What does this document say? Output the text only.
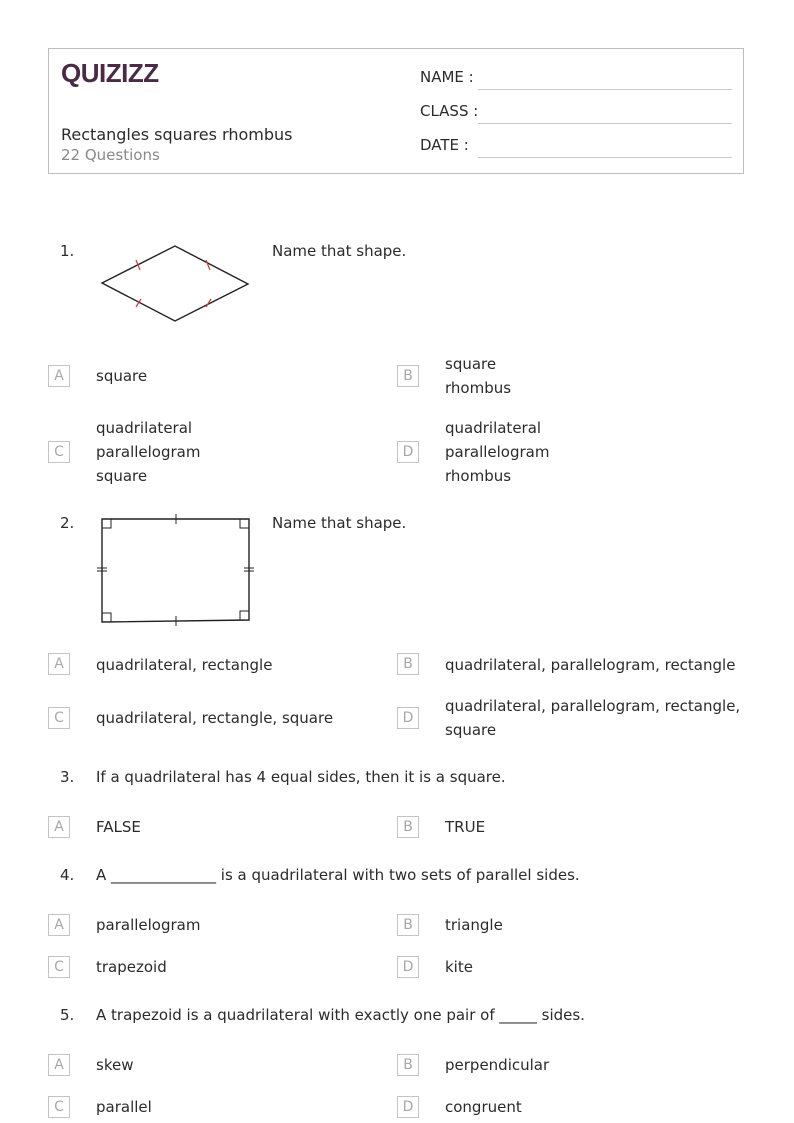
QUIZIZZ
Rectangles squares rhombus
22 Questions
NAME :
CLASS :
DATE :
1.	Name that shape.
A	square	B
square
rhombus
C
quadrilateral
parallelogram
square
D
quadrilateral
parallelogram
rhombus
2.	Name that shape.
A	quadrilateral, rectangle	B	quadrilateral, parallelogram, rectangle
C	quadrilateral, rectangle, square	D
quadrilateral, parallelogram, rectangle,
square
3. If a quadrilateral has 4 equal sides, then it is a square.
A	FALSE	B	TRUE
4. A ______________ is a quadrilateral with two sets of parallel sides.
A	parallelogram	B	triangle
C	trapezoid	D	kite
5. A trapezoid is a quadrilateral with exactly one pair of _____ sides.
A	skew	B	perpendicular
C	parallel	D	congruent
